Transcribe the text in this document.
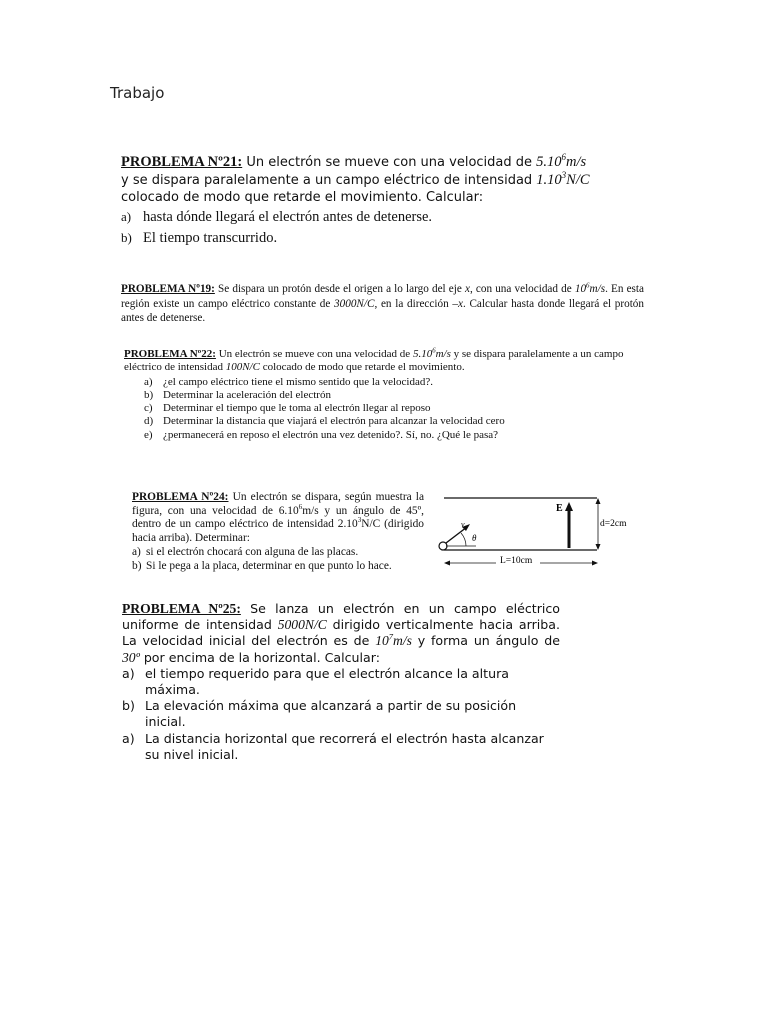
Trabajo
PROBLEMA Nº21: Un electrón se mueve con una velocidad de 5.10$^6$m/s
y se dispara paralelamente a un campo eléctrico de intensidad 1.10$^3$N/C
colocado de modo que retarde el movimiento. Calcular:
a) hasta dónde llegará el electrón antes de detenerse.
b) El tiempo transcurrido.
PROBLEMA Nº19: Se dispara un protón desde el origen a lo largo del eje x, con una velocidad de $10^6m/s$. En esta región existe un campo eléctrico constante de 3000N/C, en la dirección –x. Calcular hasta donde llegará el protón antes de detenerse.
PROBLEMA Nº22: Un electrón se mueve con una velocidad de 5.10$^6$m/s y se dispara paralelamente a un campo eléctrico de intensidad 100N/C colocado de modo que retarde el movimiento.
a) ¿el campo eléctrico tiene el mismo sentido que la velocidad?.
b) Determinar la aceleración del electrón
c) Determinar el tiempo que le toma al electrón llegar al reposo
d) Determinar la distancia que viajará el electrón para alcanzar la velocidad cero
e) ¿permanecerá en reposo el electrón una vez detenido?. Sí, no. ¿Qué le pasa?
PROBLEMA Nº24: Un electrón se dispara, según muestra la figura, con una velocidad de 6.10$^6$m/s y un ángulo de 45º, dentro de un campo eléctrico de intensidad 2.10$^3$N/C (dirigido hacia arriba). Determinar:
a) si el electrón chocará con alguna de las placas.
b) Si le pega a la placa, determinar en que punto lo hace.
E
d=2cm
v₀
θ
L=10cm
PROBLEMA Nº25: Se lanza un electrón en un campo eléctrico uniforme de intensidad 5000N/C dirigido verticalmente hacia arriba. La velocidad inicial del electrón es de $10^7m/s$ y forma un ángulo de 30º por encima de la horizontal. Calcular:
a) el tiempo requerido para que el electrón alcance la altura máxima.
b) La elevación máxima que alcanzará a partir de su posición inicial.
a) La distancia horizontal que recorrerá el electrón hasta alcanzar su nivel inicial.
